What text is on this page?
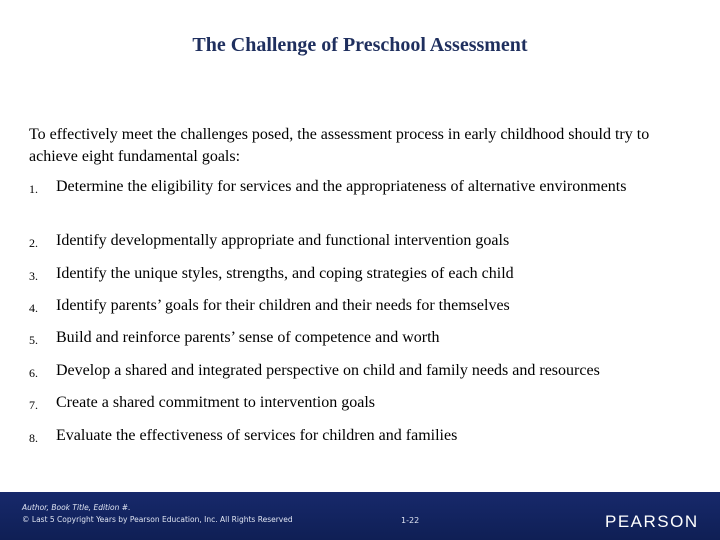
The Challenge of Preschool Assessment
To effectively meet the challenges posed, the assessment process in early childhood should try to achieve eight fundamental goals:
1. Determine the eligibility for services and the appropriateness of alternative environments
2. Identify developmentally appropriate and functional intervention goals
3. Identify the unique styles, strengths, and coping strategies of each child
4. Identify parents’ goals for their children and their needs for themselves
5. Build and reinforce parents’ sense of competence and worth
6. Develop a shared and integrated perspective on child and family needs and resources
7. Create a shared commitment to intervention goals
8. Evaluate the effectiveness of services for children and families
Author, Book Title, Edition #.
© Last 5 Copyright Years by Pearson Education, Inc. All Rights Reserved	1-22	PEARSON
